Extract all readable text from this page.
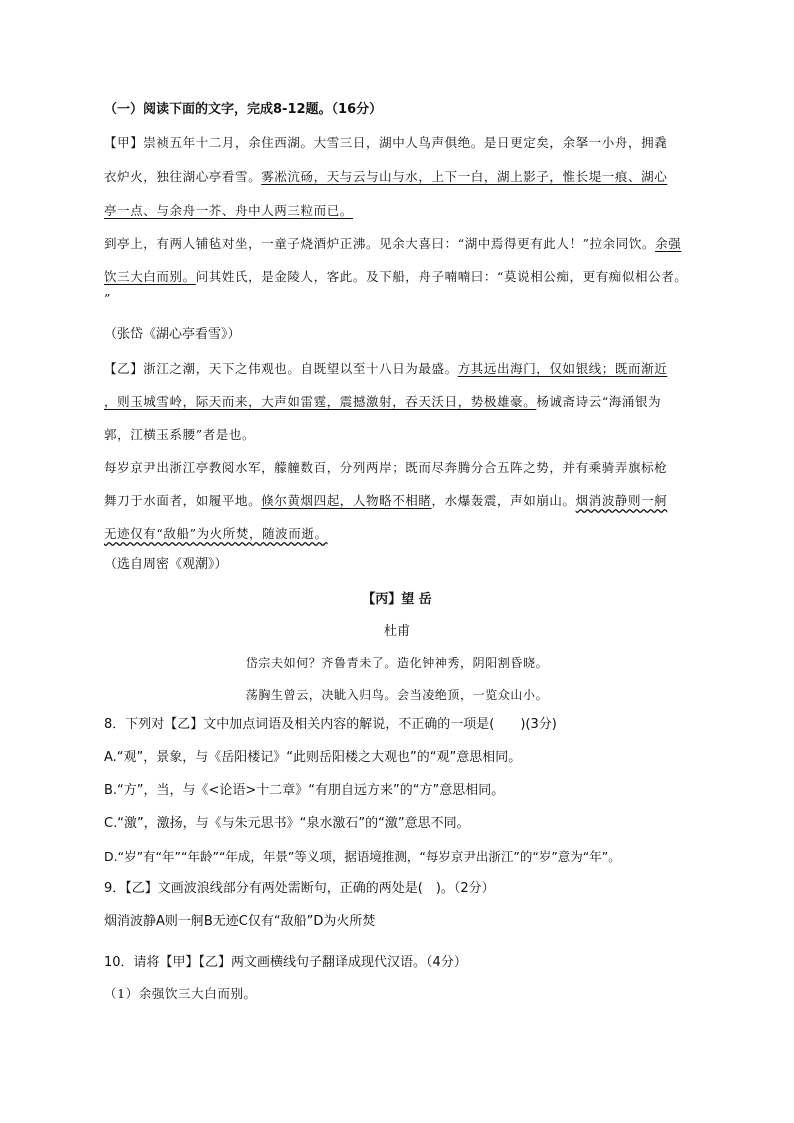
（一）阅读下面的文字，完成8-12题。（16分）
【甲】崇祯五年十二月，余住西湖。大雪三日，湖中人鸟声俱绝。是日更定矣，余拏一小舟，拥毳
衣炉火，独往湖心亭看雪。雾凇沆砀，天与云与山与水，上下一白，湖上影子，惟长堤一痕、湖心
亭一点、与余舟一芥、舟中人两三粒而已。
到亭上，有两人铺毡对坐，一童子烧酒炉正沸。见余大喜曰：“湖中焉得更有此人！”拉余同饮。余强
饮三大白而别。问其姓氏，是金陵人，客此。及下船，舟子喃喃曰：“莫说相公痴，更有痴似相公者。
”
（张岱《湖心亭看雪》）
【乙】浙江之潮，天下之伟观也。自既望以至十八日为最盛。方其远出海门，仅如银线；既而渐近
，则玉城雪岭，际天而来，大声如雷霆，震撼激射，吞天沃日，势极雄豪。杨诚斋诗云“海涌银为
郭，江横玉系腰”者是也。
每岁京尹出浙江亭教阅水军，艨艟数百，分列两岸；既而尽奔腾分合五阵之势，并有乘骑弄旗标枪
舞刀于水面者，如履平地。倏尔黄烟四起，人物略不相睹，水爆轰震，声如崩山。烟消波静则一舸
无迹仅有“敌船”为火所焚，随波而逝。
（选自周密《观潮》）
【丙】望 岳
杜甫
岱宗夫如何？齐鲁青未了。造化钟神秀，阴阳割昏晓。
荡胸生曾云，决眦入归鸟。会当凌绝顶，一览众山小。
8．下列对【乙】文中加点词语及相关内容的解说，不正确的一项是(　　)(3分)
A.“观”，景象，与《岳阳楼记》“此则岳阳楼之大观也”的“观”意思相同。
B.“方”，当，与《<论语>十二章》“有朋自远方来”的“方”意思相同。
C.“激”，激扬，与《与朱元思书》“泉水激石”的“激”意思不同。
D.“岁”有“年”“年龄”“年成，年景”等义项，据语境推测，“每岁京尹出浙江”的“岁”意为“年”。
9．【乙】文画波浪线部分有两处需断句，正确的两处是(　)。（2分）
烟消波静A则一舸B无迹C仅有“敌船”D为火所焚
10．请将【甲】【乙】两文画横线句子翻译成现代汉语。（4分）
（1）余强饮三大白而别。
